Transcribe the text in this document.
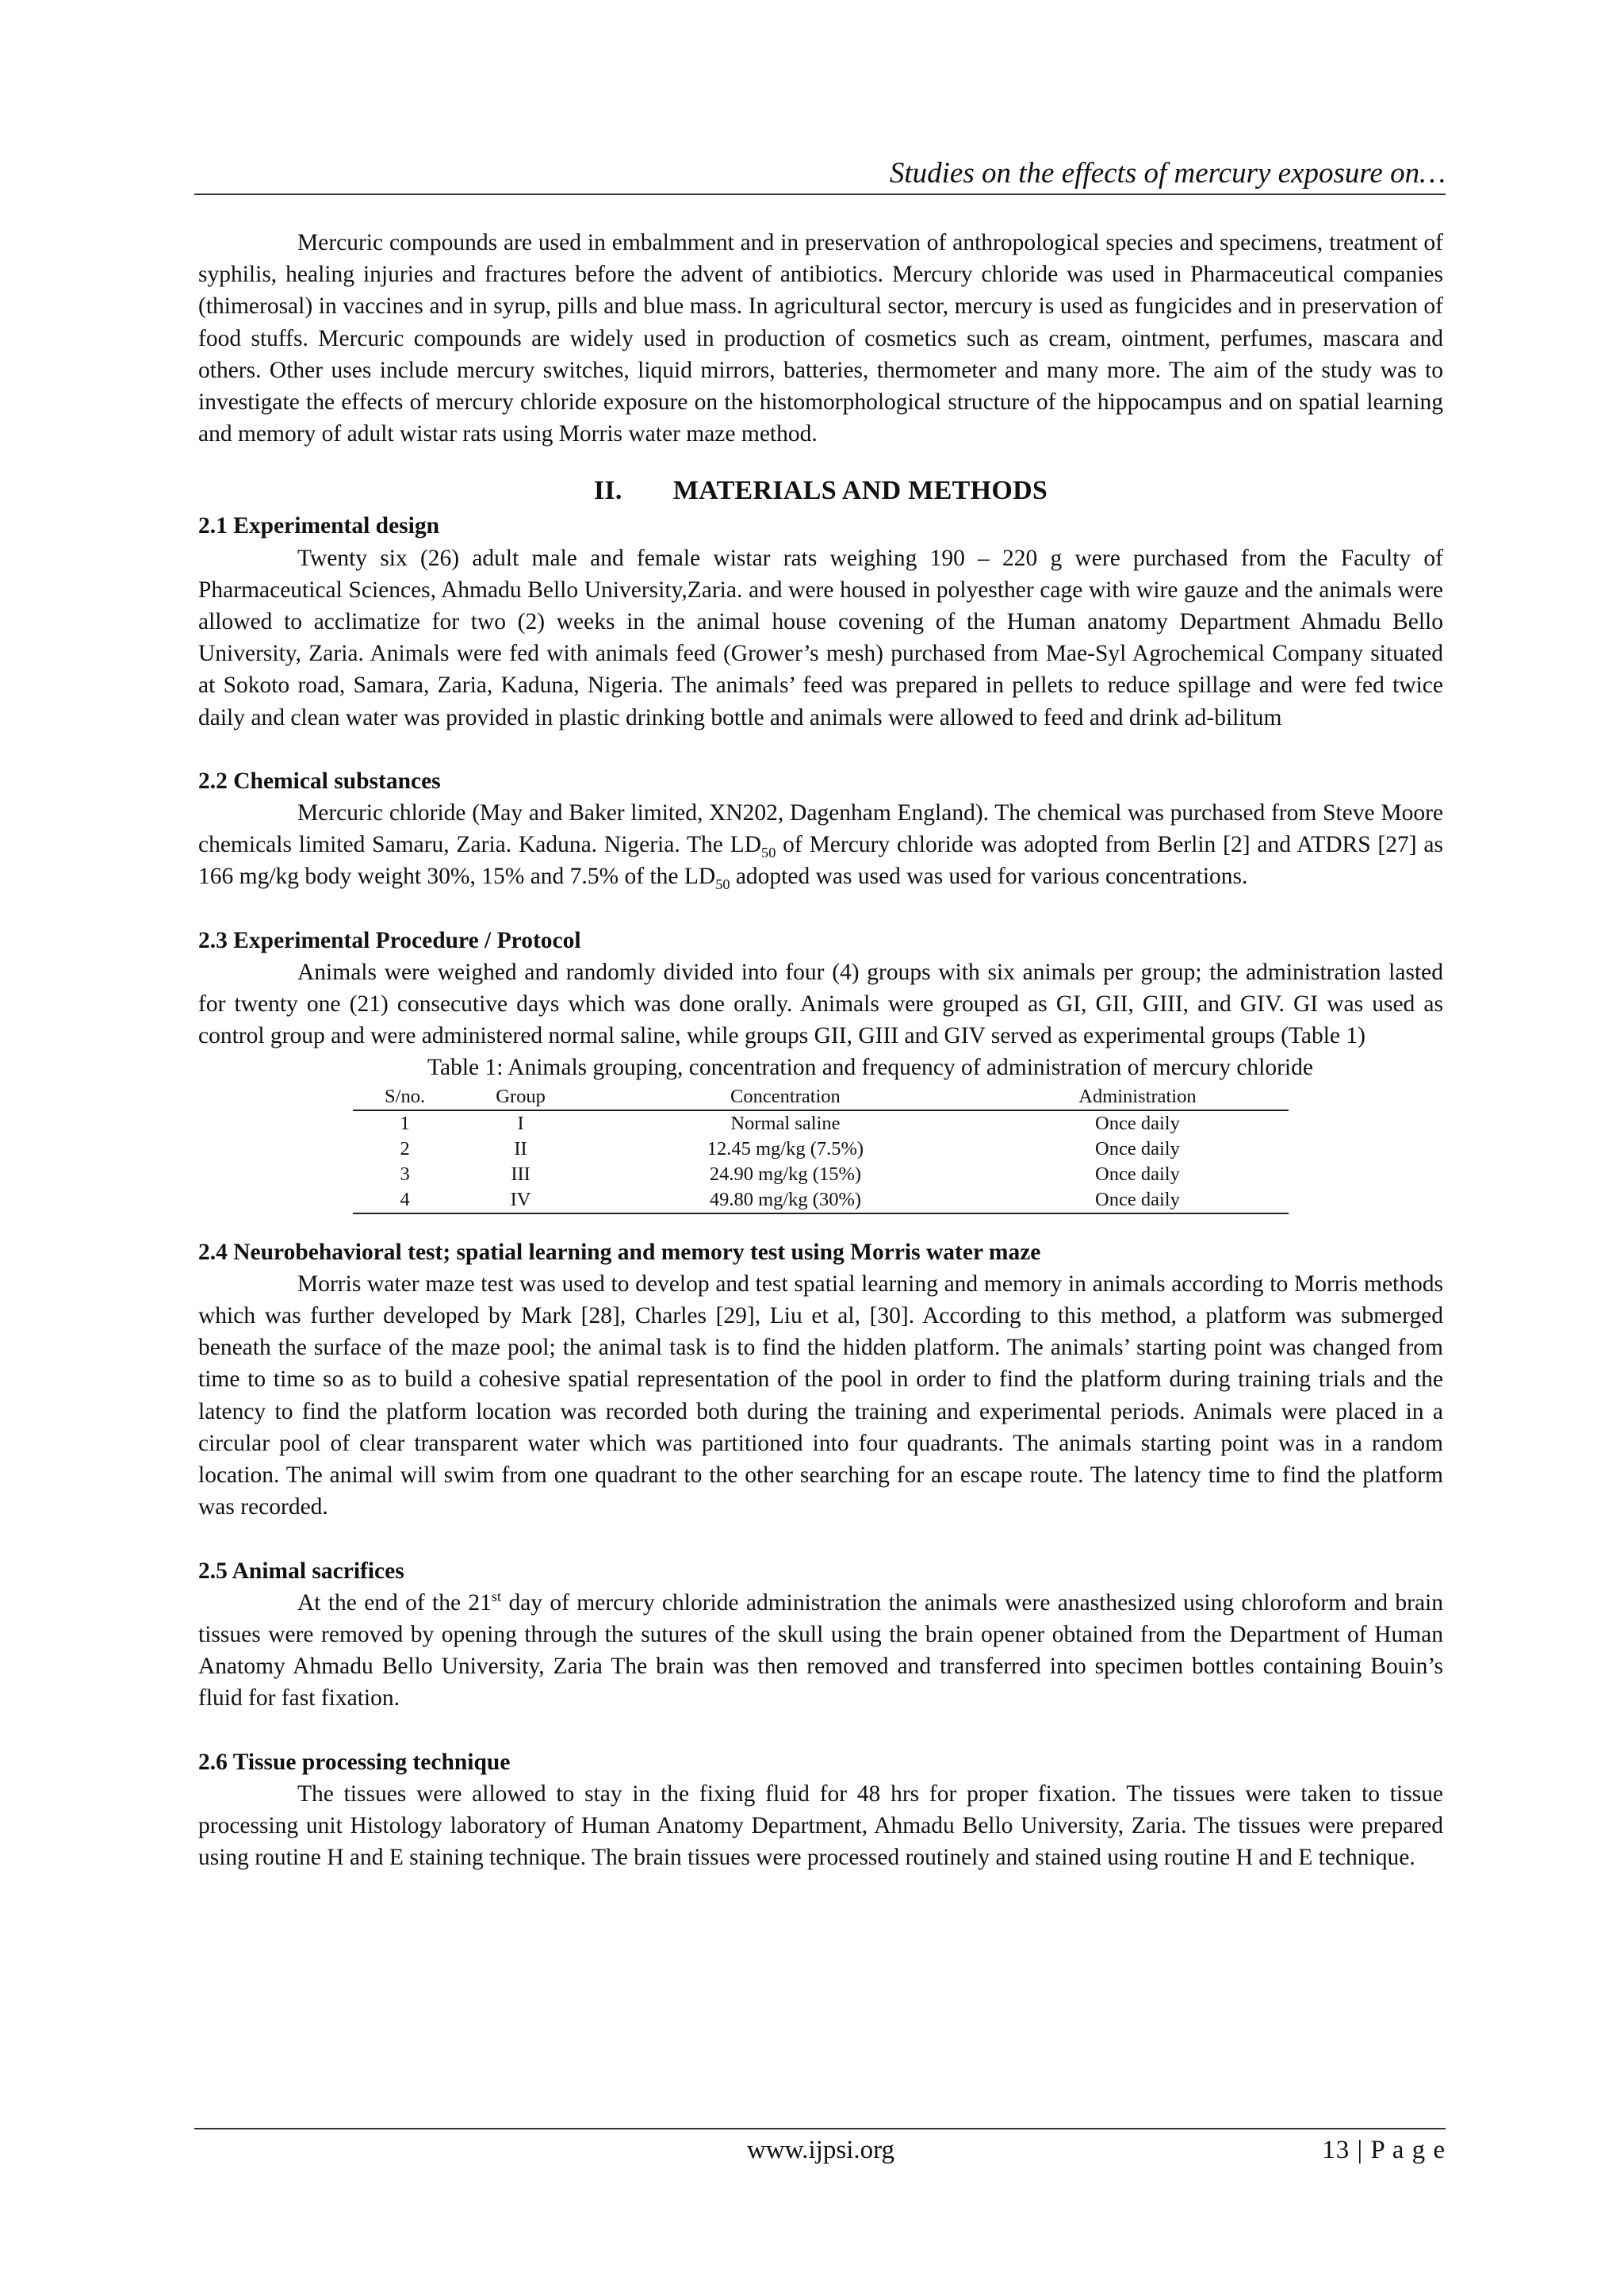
Studies on the effects of mercury exposure on…

Mercuric compounds are used in embalmment and in preservation of anthropological species and specimens, treatment of syphilis, healing injuries and fractures before the advent of antibiotics. Mercury chloride was used in Pharmaceutical companies (thimerosal) in vaccines and in syrup, pills and blue mass. In agricultural sector, mercury is used as fungicides and in preservation of food stuffs. Mercuric compounds are widely used in production of cosmetics such as cream, ointment, perfumes, mascara and others. Other uses include mercury switches, liquid mirrors, batteries, thermometer and many more. The aim of the study was to investigate the effects of mercury chloride exposure on the histomorphological structure of the hippocampus and on spatial learning and memory of adult wistar rats using Morris water maze method.

II. MATERIALS AND METHODS

2.1 Experimental design

Twenty six (26) adult male and female wistar rats weighing 190 – 220 g were purchased from the Faculty of Pharmaceutical Sciences, Ahmadu Bello University,Zaria. and were housed in polyesther cage with wire gauze and the animals were allowed to acclimatize for two (2) weeks in the animal house covening of the Human anatomy Department Ahmadu Bello University, Zaria. Animals were fed with animals feed (Grower’s mesh) purchased from Mae-Syl Agrochemical Company situated at Sokoto road, Samara, Zaria, Kaduna, Nigeria. The animals’ feed was prepared in pellets to reduce spillage and were fed twice daily and clean water was provided in plastic drinking bottle and animals were allowed to feed and drink ad-bilitum

2.2 Chemical substances

Mercuric chloride (May and Baker limited, XN202, Dagenham England). The chemical was purchased from Steve Moore chemicals limited Samaru, Zaria. Kaduna. Nigeria. The $LD_{50}$ of Mercury chloride was adopted from Berlin [2] and ATDRS [27] as 166 mg/kg body weight 30%, 15% and 7.5% of the $LD_{50}$ adopted was used was used for various concentrations.

2.3 Experimental Procedure / Protocol

Animals were weighed and randomly divided into four (4) groups with six animals per group; the administration lasted for twenty one (21) consecutive days which was done orally. Animals were grouped as GI, GII, GIII, and GIV. GI was used as control group and were administered normal saline, while groups GII, GIII and GIV served as experimental groups (Table 1)

Table 1: Animals grouping, concentration and frequency of administration of mercury chloride

S/no.	Group	Concentration	Administration
1	I	Normal saline	Once daily
2	II	12.45 mg/kg (7.5%)	Once daily
3	III	24.90 mg/kg (15%)	Once daily
4	IV	49.80 mg/kg (30%)	Once daily

2.4 Neurobehavioral test; spatial learning and memory test using Morris water maze

Morris water maze test was used to develop and test spatial learning and memory in animals according to Morris methods which was further developed by Mark [28], Charles [29], Liu et al, [30]. According to this method, a platform was submerged beneath the surface of the maze pool; the animal task is to find the hidden platform. The animals’ starting point was changed from time to time so as to build a cohesive spatial representation of the pool in order to find the platform during training trials and the latency to find the platform location was recorded both during the training and experimental periods. Animals were placed in a circular pool of clear transparent water which was partitioned into four quadrants. The animals starting point was in a random location. The animal will swim from one quadrant to the other searching for an escape route. The latency time to find the platform was recorded.

2.5 Animal sacrifices

At the end of the 21st day of mercury chloride administration the animals were anasthesized using chloroform and brain tissues were removed by opening through the sutures of the skull using the brain opener obtained from the Department of Human Anatomy Ahmadu Bello University, Zaria The brain was then removed and transferred into specimen bottles containing Bouin’s fluid for fast fixation.

2.6 Tissue processing technique

The tissues were allowed to stay in the fixing fluid for 48 hrs for proper fixation. The tissues were taken to tissue processing unit Histology laboratory of Human Anatomy Department, Ahmadu Bello University, Zaria. The tissues were prepared using routine H and E staining technique. The brain tissues were processed routinely and stained using routine H and E technique.

www.ijpsi.org	13 | P a g e
